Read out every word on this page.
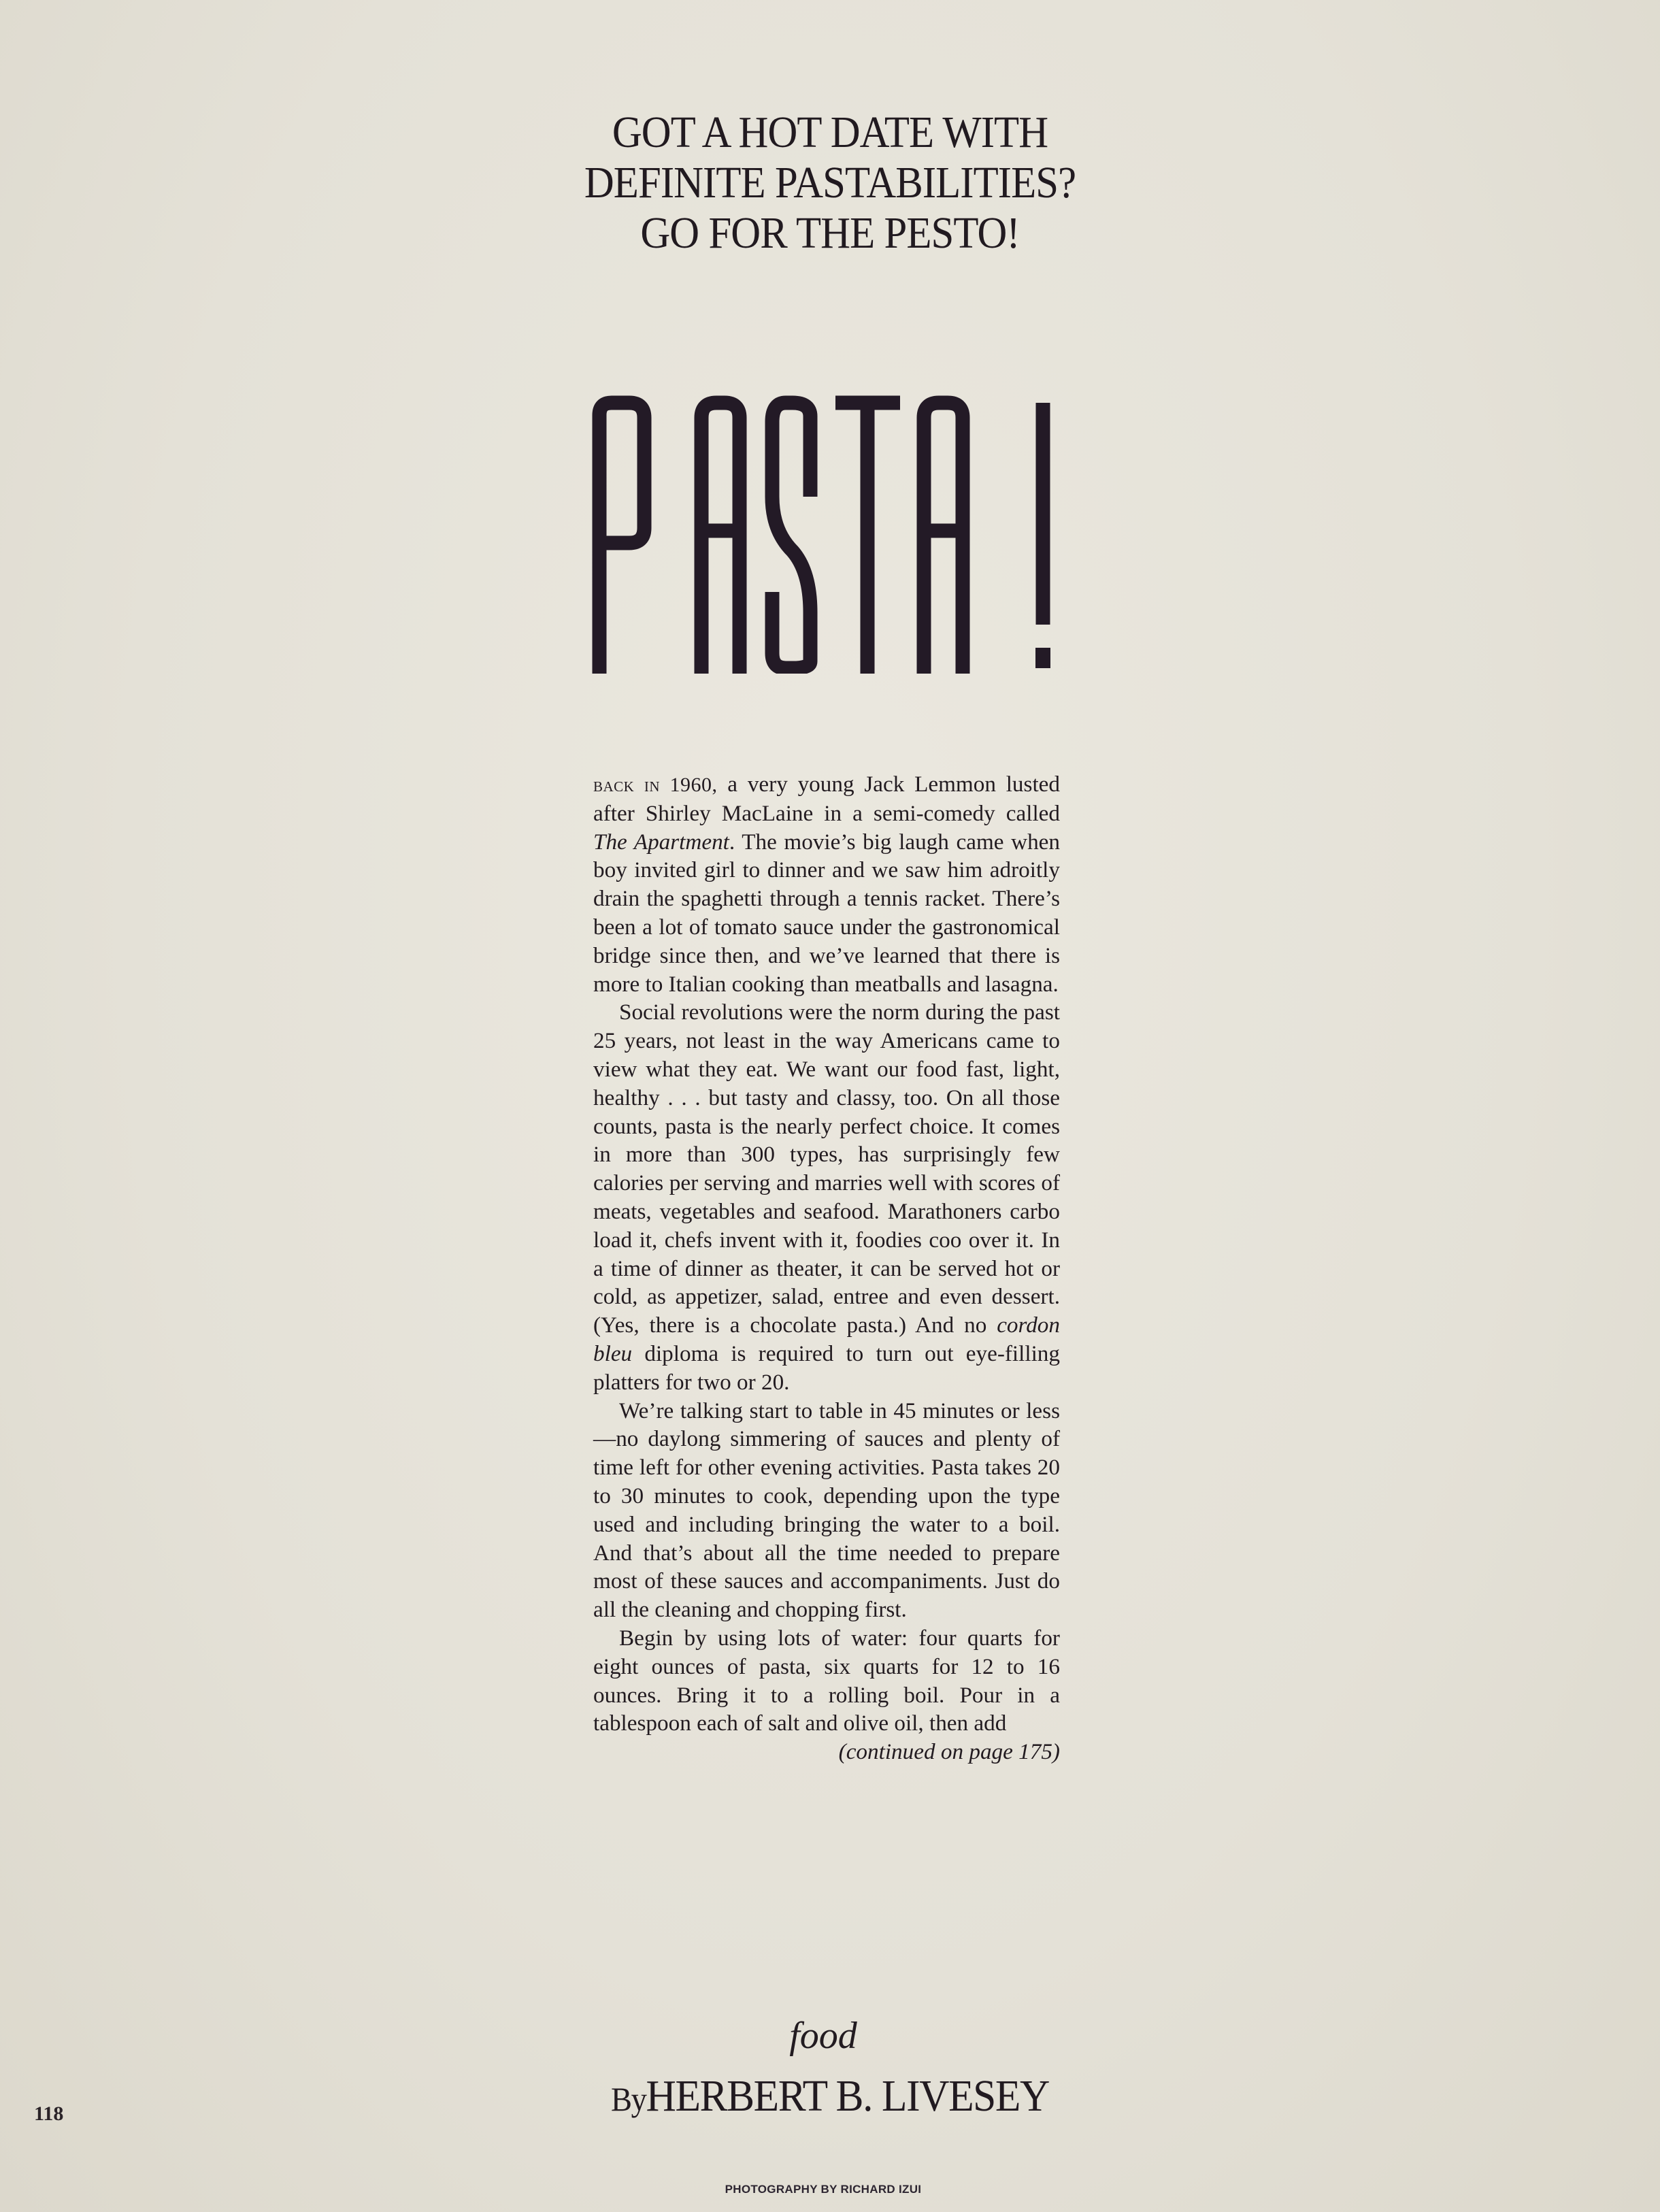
GOT A HOT DATE WITH
DEFINITE PASTABILITIES?
GO FOR THE PESTO!

back in 1960, a very young Jack Lemmon lusted after Shirley MacLaine in a semi-comedy called The Apartment. The movie’s big laugh came when boy invited girl to dinner and we saw him adroitly drain the spaghetti through a tennis racket. There’s been a lot of tomato sauce under the gastronomical bridge since then, and we’ve learned that there is more to Italian cooking than meatballs and lasagna.

Social revolutions were the norm during the past 25 years, not least in the way Americans came to view what they eat. We want our food fast, light, healthy . . . but tasty and classy, too. On all those counts, pasta is the nearly perfect choice. It comes in more than 300 types, has surprisingly few calories per serving and marries well with scores of meats, vegetables and seafood. Marathoners carbo load it, chefs invent with it, foodies coo over it. In a time of dinner as theater, it can be served hot or cold, as appetizer, salad, entree and even dessert. (Yes, there is a chocolate pasta.) And no cordon bleu diploma is required to turn out eye-filling platters for two or 20.

We’re talking start to table in 45 minutes or less—no daylong simmering of sauces and plenty of time left for other evening activities. Pasta takes 20 to 30 minutes to cook, depending upon the type used and including bringing the water to a boil. And that’s about all the time needed to prepare most of these sauces and accompaniments. Just do all the cleaning and chopping first.

Begin by using lots of water: four quarts for eight ounces of pasta, six quarts for 12 to 16 ounces. Bring it to a rolling boil. Pour in a tablespoon each of salt and olive oil, then add
(continued on page 175)

food
ByHERBERT B. LIVESEY
118
PHOTOGRAPHY BY RICHARD IZUI
